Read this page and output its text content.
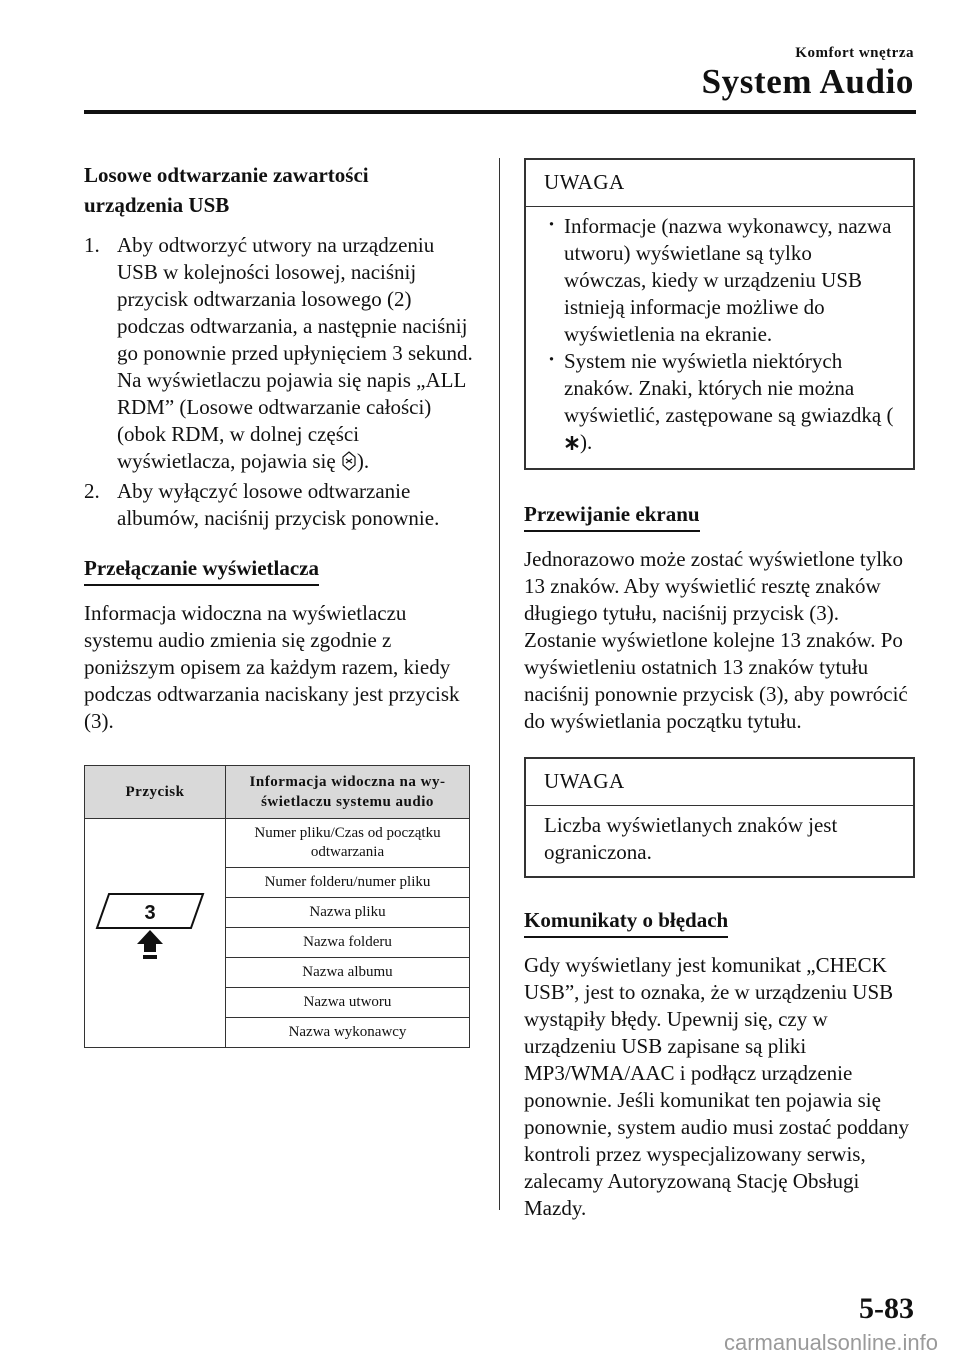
Komfort wnętrza
System Audio
Losowe odtwarzanie zawartości
urządzenia USB
1. Aby odtworzyć utwory na urządzeniu USB w kolejności losowej, naciśnij przycisk odtwarzania losowego (2) podczas odtwarzania, a następnie naciśnij go ponownie przed upłynięciem 3 sekund. Na wyświetlaczu pojawia się napis „ALL RDM” (Losowe odtwarzanie całości) (obok RDM, w dolnej części wyświetlacza, pojawia się ).
2. Aby wyłączyć losowe odtwarzanie albumów, naciśnij przycisk ponownie.
Przełączanie wyświetlacza
Informacja widoczna na wyświetlaczu systemu audio zmienia się zgodnie z poniższym opisem za każdym razem, kiedy podczas odtwarzania naciskany jest przycisk (3).
Przycisk	Informacja widoczna na wy-świetlaczu systemu audio

3	Numer pliku/Czas od początku odtwarzania
	Numer folderu/numer pliku
	Nazwa pliku
	Nazwa folderu
	Nazwa albumu
	Nazwa utworu
	Nazwa wykonawcy
UWAGA
· Informacje (nazwa wykonawcy, nazwa utworu) wyświetlane są tylko wówczas, kiedy w urządzeniu USB istnieją informacje możliwe do wyświetlenia na ekranie.
· System nie wyświetla niektórych znaków. Znaki, których nie można wyświetlić, zastępowane są gwiazdką ().
Przewijanie ekranu
Jednorazowo może zostać wyświetlone tylko 13 znaków. Aby wyświetlić resztę znaków długiego tytułu, naciśnij przycisk (3). Zostanie wyświetlone kolejne 13 znaków. Po wyświetleniu ostatnich 13 znaków tytułu naciśnij ponownie przycisk (3), aby powrócić do wyświetlania początku tytułu.
UWAGA
Liczba wyświetlanych znaków jest ograniczona.
Komunikaty o błędach
Gdy wyświetlany jest komunikat „CHECK USB”, jest to oznaka, że w urządzeniu USB wystąpiły błędy. Upewnij się, czy w urządzeniu USB zapisane są pliki MP3/WMA/AAC i podłącz urządzenie ponownie. Jeśli komunikat ten pojawia się ponownie, system audio musi zostać poddany kontroli przez wyspecjalizowany serwis, zalecamy Autoryzowaną Stację Obsługi Mazdy.
5-83
carmanualsonline.info
